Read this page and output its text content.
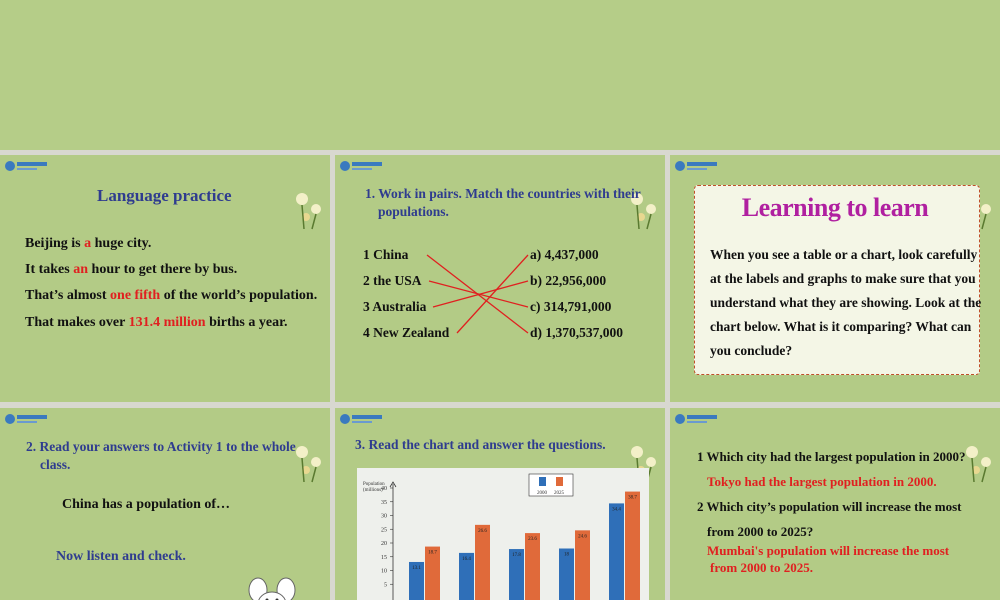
Language practice
Beijing is a huge city.
It takes an hour to get there by bus.
That’s almost one fifth of the world’s population.
That makes over 131.4 million births a year.
1. Work in pairs. Match the countries with their
populations.
1 China
2 the USA
3 Australia
4 New Zealand
a) 4,437,000
b) 22,956,000
c) 314,791,000
d) 1,370,537,000
Learning to learn
When you see a table or a chart, look carefully at the labels and graphs to make sure that you understand what they are showing. Look at the chart below. What is it comparing? What can you conclude?
2. Read your answers to Activity 1 to the whole
class.
China has a population of…
Now listen and check.
3. Read the chart and answer the questions.
Population
(millions)
5
10
15
20
25
30
35
40
2000 2025
13.1
18.7
16.4
26.6
17.8
23.6
18
24.6
34.4
38.7
1 Which city had the largest population in 2000?
Tokyo had the largest population in 2000.
2 Which city’s population will increase the most
from 2000 to 2025?
Mumbai's population will increase the most
from 2000 to 2025.
